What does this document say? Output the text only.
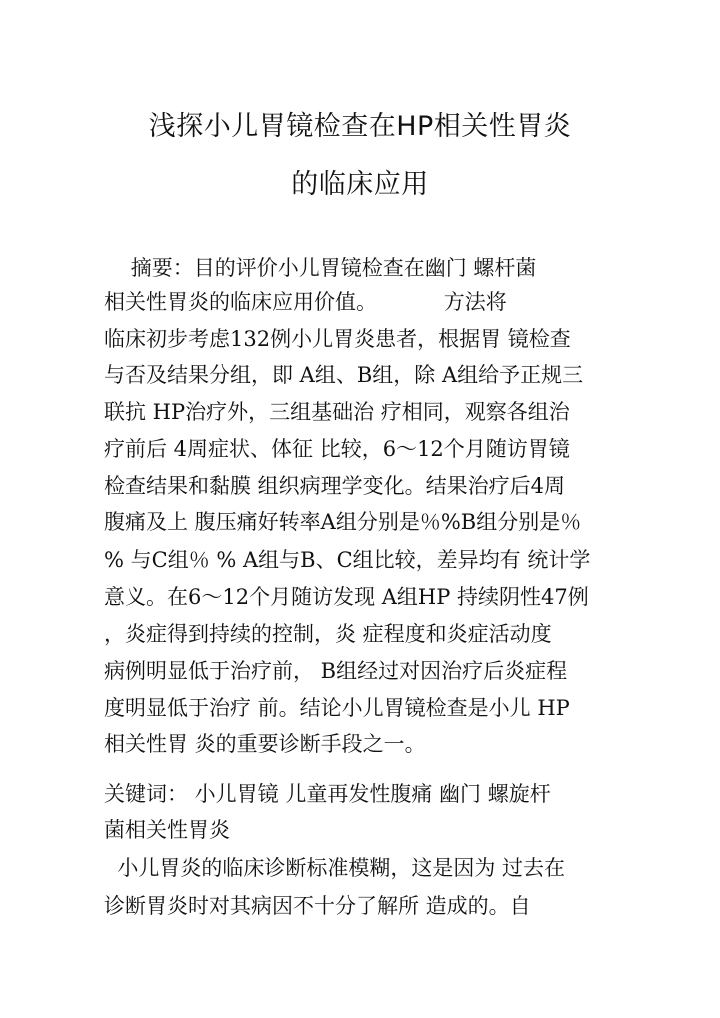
浅探小儿胃镜检查在HP相关性胃炎
的临床应用
摘要：目的评价小儿胃镜检查在幽门 螺杆菌
相关性胃炎的临床应用价值。          方法将
临床初步考虑132例小儿胃炎患者，根据胃 镜检查
与否及结果分组，即 A组、B组，除 A组给予正规三
联抗 HP治疗外，三组基础治 疗相同，观察各组治
疗前后 4周症状、体征 比较，6～12个月随访胃镜
检查结果和黏膜 组织病理学变化。结果治疗后4周
腹痛及上 腹压痛好转率A组分别是％%B组分别是％
% 与C组％ % A组与B、C组比较，差异均有 统计学
意义。在6～12个月随访发现 A组HP 持续阴性47例
，炎症得到持续的控制，炎 症程度和炎症活动度
病例明显低于治疗前， B组经过对因治疗后炎症程
度明显低于治疗 前。结论小儿胃镜检查是小儿 HP
相关性胃 炎的重要诊断手段之一。
关键词： 小儿胃镜 儿童再发性腹痛 幽门 螺旋杆
菌相关性胃炎
小儿胃炎的临床诊断标准模糊，这是因为 过去在
诊断胃炎时对其病因不十分了解所 造成的。自
